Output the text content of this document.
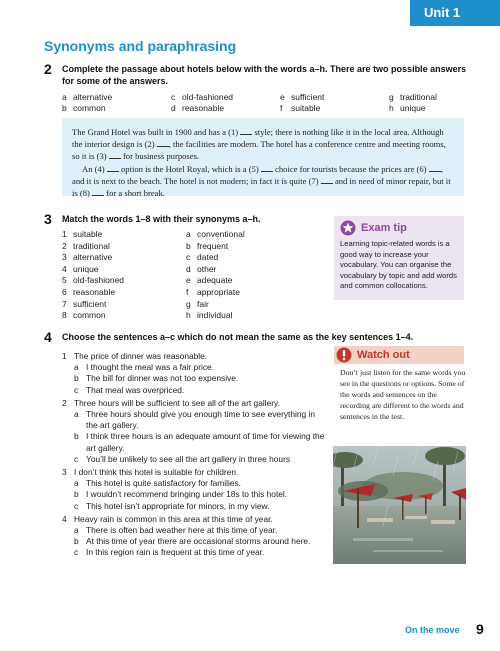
Unit 1
Synonyms and paraphrasing
2 Complete the passage about hotels below with the words a–h. There are two possible answers for some of the answers.
a alternative
b common
c old-fashioned
d reasonable
e sufficient
f suitable
g traditional
h unique

The Grand Hotel was built in 1900 and has a (1) style; there is nothing like it in the local area. Although the interior design is (2) , the facilities are modern. The hotel has a conference centre and meeting rooms, so it is (3) for business purposes.

An (4) option is the Hotel Royal, which is a (5) choice for tourists because the prices are (6) , and it is next to the beach. The hotel is not modern; in fact it is quite (7) and in need of minor repair, but it is (8) for a short break.

3 Match the words 1–8 with their synonyms a–h.
1 suitable
2 traditional
3 alternative
4 unique
5 old-fashioned
6 reasonable
7 sufficient
8 common
a conventional
b frequent
c dated
d other
e adequate
f appropriate
g fair
h individual
Exam tip
Learning topic-related words is a good way to increase your vocabulary. You can organise the vocabulary by topic and add words and common collocations.
4 Choose the sentences a–c which do not mean the same as the key sentences 1–4.
1 The price of dinner was reasonable.
a I thought the meal was a fair price.
b The bill for dinner was not too expensive.
c That meal was overpriced.
2 Three hours will be sufficient to see all of the art gallery.
a Three hours should give you enough time to see everything in the art gallery.
b I think three hours is an adequate amount of time for viewing the art gallery.
c You’ll be unlikely to see all the art gallery in three hours
3 I don’t think this hotel is suitable for children.
a This hotel is quite satisfactory for families.
b I wouldn’t recommend bringing under 18s to this hotel.
c This hotel isn’t appropriate for minors, in my view.
4 Heavy rain is common in this area at this time of year.
a There is often bad weather here at this time of year.
b At this time of year there are occasional storms around here.
c In this region rain is frequent at this time of year.
Watch out
Don’t just listen for the same words you see in the questions or options. Some of the words and sentences on the recording are different to the words and sentences in the test.
On the move 9
